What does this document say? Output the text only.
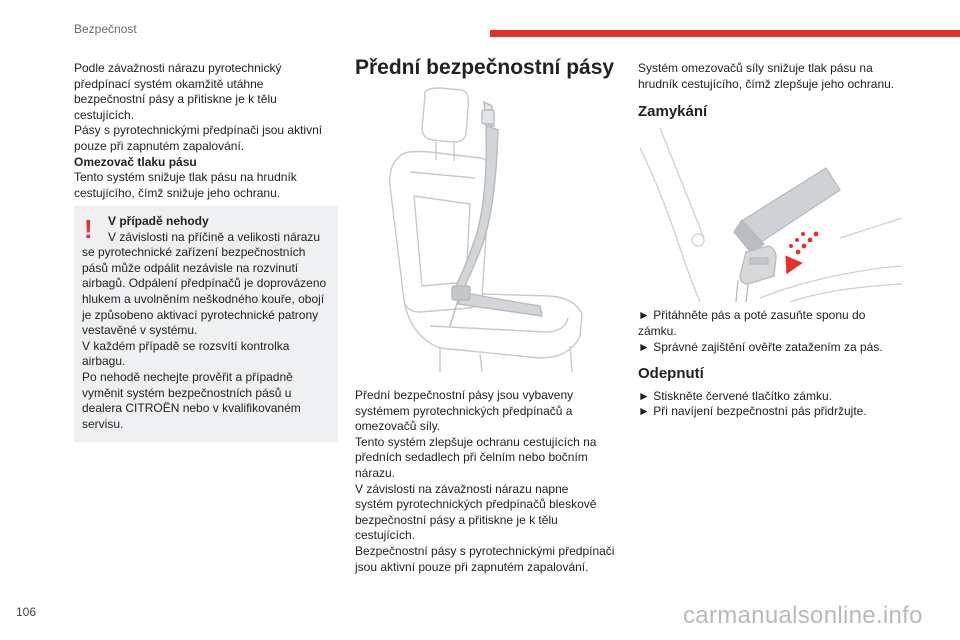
Bezpečnost

Podle závažnosti nárazu pyrotechnický

předpínací systém okamžitě utáhne

bezpečnostní pásy a přitiskne je k tělu

cestujících.

Pásy s pyrotechnickými předpínači jsou aktivní

pouze při zapnutém zapalování.

Omezovač tlaku pásu

Tento systém snižuje tlak pásu na hrudník

cestujícího, čímž snižuje jeho ochranu.

!	V případě nehody
V závislosti na příčině a velikosti nárazu
se pyrotechnické zařízení bezpečnostních
pásů může odpálit nezávisle na rozvinutí
airbagů. Odpálení předpínačů je doprovázeno
hlukem a uvolněním neškodného kouře, obojí
je způsobeno aktivací pyrotechnické patrony
vestavěné v systému.
V každém případě se rozsvítí kontrolka
airbagu.
Po nehodě nechejte prověřit a případně
vyměnit systém bezpečnostních pásů u
dealera CITROËN nebo v kvalifikovaném
servisu.
Přední bezpečnostní pásy
Přední bezpečnostní pásy jsou vybaveny
systémem pyrotechnických předpínačů a
omezovačů síly.
Tento systém zlepšuje ochranu cestujících na
předních sedadlech při čelním nebo bočním
nárazu.
V závislosti na závažnosti nárazu napne
systém pyrotechnických předpínačů bleskově
bezpečnostní pásy a přitiskne je k tělu
cestujících.
Bezpečnostní pásy s pyrotechnickými předpínači
jsou aktivní pouze při zapnutém zapalování.

Systém omezovačů síly snižuje tlak pásu na

hrudník cestujícího, čímž zlepšuje jeho ochranu.

Zamykání
► Přitáhněte pás a poté zasuňte sponu do
zámku.
► Správné zajištění ověřte zatažením za pás.
Odepnutí
► Stiskněte červené tlačítko zámku.
► Při navíjení bezpečnostní pás přidržujte.
106	carmanualsonline.info
